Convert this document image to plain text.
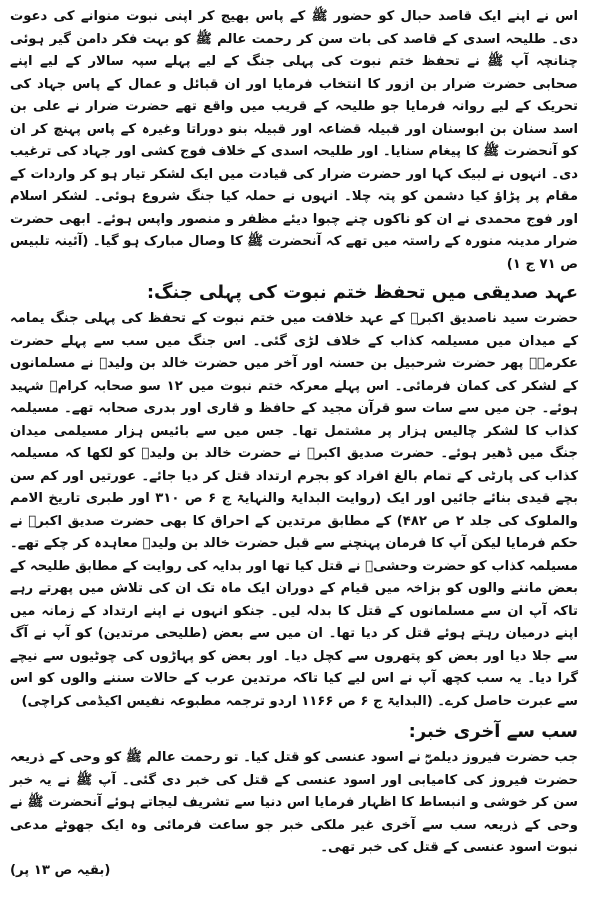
اس نے اپنے ایک قاصد حبال کو حضور ﷺ کے پاس بھیج کر اپنی نبوت منوانے کی دعوت دی۔ طلیحہ اسدی کے قاصد کی بات سن کر رحمت عالم ﷺ کو بہت فکر دامن گیر ہوئی چنانچہ آپ ﷺ نے تحفظ ختم نبوت کی پہلی جنگ کے لیے پہلے سپہ سالار کے لیے اپنے صحابی حضرت ضرار بن ازور کا انتخاب فرمایا اور ان قبائل و عمال کے پاس جہاد کی تحریک کے لیے روانہ فرمایا جو طلیحہ کے قریب میں واقع تھے حضرت ضرار نے علی بن اسد سنان بن ابوسنان اور قبیلہ قضاعہ اور قبیلہ بنو دوراتا وغیرہ کے پاس پہنچ کر ان کو آنحضرت ﷺ کا پیغام سنایا۔ اور طلیحہ اسدی کے خلاف فوج کشی اور جہاد کی ترغیب دی۔ انہوں نے لبیک کہا اور حضرت ضرار کی قیادت میں ایک لشکر تیار ہو کر واردات کے مقام پر پڑاؤ کیا دشمن کو پتہ چلا۔ انہوں نے حملہ کیا جنگ شروع ہوئی۔ لشکر اسلام اور فوج محمدی نے ان کو ناکوں چنے چبوا دیئے مظفر و منصور واپس ہوئے۔ ابھی حضرت ضرار مدینہ منورہ کے راستہ میں تھے کہ آنحضرت ﷺ کا وصال مبارک ہو گیا۔ (آئینہ تلبیس ص ۷۱ ج ۱)

عہد صدیقی میں تحفظ ختم نبوت کی پہلی جنگ:

حضرت سید ناصدیق اکبرؓ کے عہد خلافت میں ختم نبوت کے تحفظ کی پہلی جنگ یمامہ کے میدان میں مسیلمہ کذاب کے خلاف لڑی گئی۔ اس جنگ میں سب سے پہلے حضرت عکرمہؓ پھر حضرت شرحبیل بن حسنہ اور آخر میں حضرت خالد بن ولیدؓ نے مسلمانوں کے لشکر کی کمان فرمائی۔ اس پہلے معرکہ ختم نبوت میں ۱۲ سو صحابہ کرامؓ شہید ہوئے۔ جن میں سے سات سو قرآن مجید کے حافظ و قاری اور بدری صحابہ تھے۔ مسیلمہ کذاب کا لشکر چالیس ہزار پر مشتمل تھا۔ جس میں سے بائیس ہزار مسیلمی میدان جنگ میں ڈھیر ہوئے۔ حضرت صدیق اکبرؓ نے حضرت خالد بن ولیدؓ کو لکھا کہ مسیلمہ کذاب کی پارٹی کے تمام بالغ افراد کو بجرم ارتداد قتل کر دیا جائے۔ عورتیں اور کم سن بچے قیدی بنائے جائیں اور ایک (روایت البدایۃ والنہایۃ ج ۶ ص ۳۱۰ اور طبری تاریخ الامم والملوک کی جلد ۲ ص ۴۸۲) کے مطابق مرتدین کے احراق کا بھی حضرت صدیق اکبرؓ نے حکم فرمایا لیکن آپ کا فرمان پہنچنے سے قبل حضرت خالد بن ولیدؓ معاہدہ کر چکے تھے۔ مسیلمہ کذاب کو حضرت وحشیؓ نے قتل کیا تھا اور بدایہ کی روایت کے مطابق طلیحہ کے بعض ماننے والوں کو بزاخہ میں قیام کے دوران ایک ماہ تک ان کی تلاش میں پھرتے رہے تاکہ آپ ان سے مسلمانوں کے قتل کا بدلہ لیں۔ جنکو انہوں نے اپنے ارتداد کے زمانہ میں اپنے درمیان رہتے ہوئے قتل کر دیا تھا۔ ان میں سے بعض (طلیحی مرتدین) کو آپ نے آگ سے جلا دیا اور بعض کو پتھروں سے کچل دیا۔ اور بعض کو پہاڑوں کی چوٹیوں سے نیچے گرا دیا۔ یہ سب کچھ آپ نے اس لیے کیا تاکہ مرتدین عرب کے حالات سننے والوں کو اس سے عبرت حاصل کرے۔ (البدایۃ ج ۶ ص ۱۱۶۶ اردو ترجمہ مطبوعہ نفیس اکیڈمی کراچی)

سب سے آخری خبر:

جب حضرت فیروز دیلمیؓ نے اسود عنسی کو قتل کیا۔ تو رحمت عالم ﷺ کو وحی کے ذریعہ حضرت فیروز کی کامیابی اور اسود عنسی کے قتل کی خبر دی گئی۔ آپ ﷺ نے یہ خبر سن کر خوشی و انبساط کا اظہار فرمایا اس دنیا سے تشریف لیجاتے ہوئے آنحضرت ﷺ نے وحی کے ذریعہ سب سے آخری غیر ملکی خبر جو ساعت فرمائی وہ ایک جھوٹے مدعی نبوت اسود عنسی کے قتل کی خبر تھی۔

(بقیہ ص ۱۳ پر)
